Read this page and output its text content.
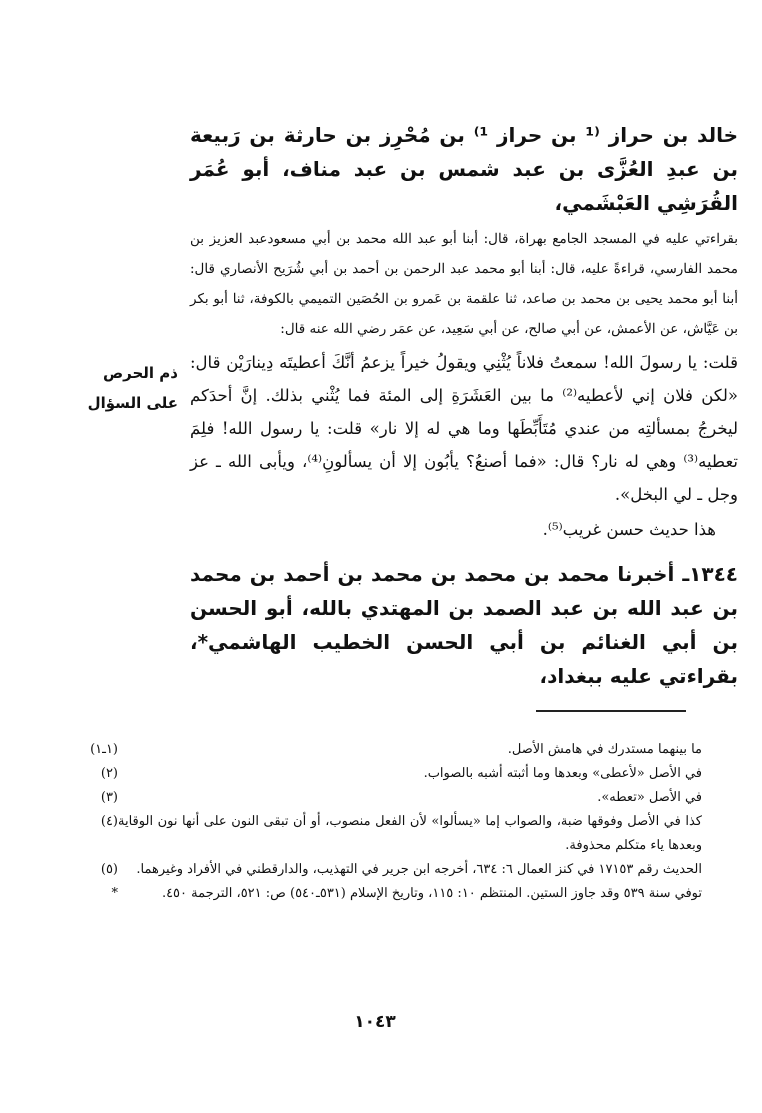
خالد بن حراز ⁽¹ بن حراز ¹⁾ بن مُحْرِز بن حارثة بن رَبيعة بن عبدِ العُزَّى بن عبد شمس بن عبد مناف، أبو عُمَر القُرَشِي العَبْشَمي،

بقراءتي عليه في المسجد الجامع بهراة، قال: أبنا أبو عبد الله محمد بن أبي مسعودعبد العزيز بن محمد الفارسي، قراءةً عليه، قال: أبنا أبو محمد عبد الرحمن بن أحمد بن أبي شُرَيح الأنصاري قال: أبنا أبو محمد يحيى بن محمد بن صاعد، ثنا علقمة بن عَمرو بن الحُصَين التميمي بالكوفة، ثنا أبو بكر بن عَيَّاش، عن الأعمش، عن أبي صالح، عن أبي سَعِيد، عن عمَر رضي الله عنه قال:

قلت: يا رسولَ الله! سمعتُ فلاناً يُثْنِي ويقولُ خيراً يزعمُ أنَّكَ أعطيتَه دِينارَيْن قال: «لكن فلان إني لأعطيه⁽²⁾ ما بين العَشَرَةِ إلى المئة فما يُثْني بذلك. إنَّ أحدَكم ليخرجُ بمسألتِه من عندي مُتَأَبِّطَها وما هي له إلا نار» قلت: يا رسول الله! فلِمَ تعطيه⁽³⁾ وهي له نار؟ قال: «فما أصنعُ؟ يأبُون إلا أن يسألونِ⁽⁴⁾، ويأبى الله ـ عز وجل ـ لي البخل».

هذا حديث حسن غريب⁽⁵⁾.

١٣٤٤ـ أخبرنا محمد بن محمد بن محمد بن أحمد بن محمد بن عبد الله بن عبد الصمد بن المهتدي بالله، أبو الحسن بن أبي الغنائم بن أبي الحسن الخطيب الهاشمي*، بقراءتي عليه ببغداد،

ذم الحرص
على السؤال
(١ـ١)	ما بينهما مستدرك في هامش الأصل.
(٢)	في الأصل «لأعطى» وبعدها وما أثبته أشبه بالصواب.
(٣)	في الأصل «تعطه».
(٤) كذا في الأصل وفوقها ضبة، والصواب إما «يسألوا» لأن الفعل منصوب، أو أن تبقى النون على أنها نون الوقاية وبعدها ياء متكلم محذوفة.
(٥)	الحديث رقم ١٧١٥٣ في كنز العمال ٦: ٦٣٤، أخرجه ابن جرير في التهذيب، والدارقطني في الأفراد وغيرهما.
*	توفي سنة ٥٣٩ وقد جاوز الستين. المنتظم ١٠: ١١٥، وتاريخ الإسلام (٥٣١ـ٥٤٠) ص: ٥٢١، الترجمة ٤٥٠.
١٠٤٣
